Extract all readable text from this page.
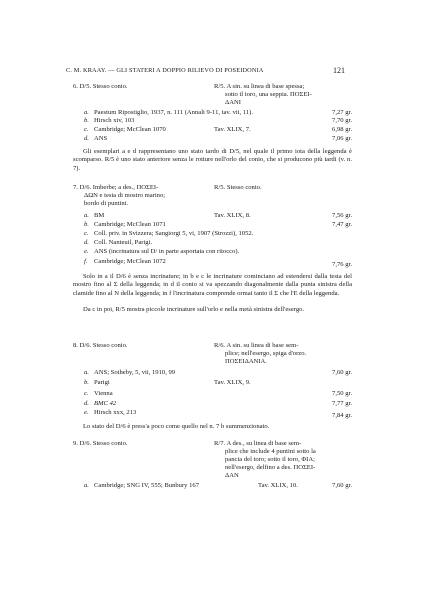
C. M. KRAAY. — GLI STATERI A DOPPIO RILIEVO DI POSEIDONIA	121
6. D/5. Stesso conio.	R/5. A sin. su linea di base spessa;
sotto il toro, una seppia. ΠΟΣΕΙ-
ΔΑΝΙ
a. Paestum Ripostiglio, 1937, n. 111 (Annali 9-11, tav. vii, 11).	7,27 gr.
b. Hirsch xiv, 103	7,70 gr.
c. Cambridge; McClean 1070	Tav. XLIX, 7.	6,98 gr.
d. ANS	7,06 gr.
Gli esemplari a e d rappresentano uno stato tardo di D/5, nel quale il primo iota della leggenda è scomparso. R/5 è uno stato anteriore senza le rotture nell'orlo del conio, che si producono più tardi (v. n. 7).
7. D/6. Imberbe; a des., ΠΟΣΕΙ-
ΔΩΝ e testa di mostro marino;
bordo di puntini.
R/5. Stesso conio.
a. BM	Tav. XLIX, 8.	7,56 gr.
b. Cambridge; McClean 1071	7,47 gr.
c. Coll. priv. in Svizzera; Sangiorgi 5, vi, 1907 (Strozzi), 1052.
d. Coll. Nanteuil, Parigi.
e. ANS (incrinatura sul D/ in parte asportata con ritocco).
f. Cambridge; McClean 1072	7,76 gr.
Solo in a il D/6 è senza incrinature; in b e c le incrinature cominciano ad estendersi dalla testa del mostro fino al Σ della leggenda; in d il conio si va spezzando diagonalmente dalla punta sinistra della clamide fino al N della leggenda; in f l'incrinatura comprende ormai tanto il Σ che l'E della leggenda.
Da c in poi, R/5 mostra piccole incrinature sull'orlo e nella metà sinistra dell'esergo.
8. D/6. Stesso conio.	R/6. A sin. su linea di base sem-
plice; nell'esergo, spiga d'orzo.
ΠΟΣΕΙΔΑΝΙΑ.
a. ANS; Sotheby, 5, vii, 1910, 99	7,60 gr.
b. Parigi	Tav. XLIX, 9.
c. Vienna	7,50 gr.
d. BMC 42	7,77 gr.
e. Hirsch xxx, 213	7,84 gr.
Lo stato del D/6 è press'a poco come quello nel n. 7 b summenzionato.
9. D/6. Stesso conio.	R/7. A des., su linea di base sem-
plice che include 4 puntini sotto la
pancia del toro; sotto il toro, ΦΙΑ;
nell'esergo, delfino a des. ΠΟΣΕΙ-
ΔΑΝ
a. Cambridge; SNG IV, 555; Bunbury 167	Tav. XLIX, 10.	7,60 gr.
